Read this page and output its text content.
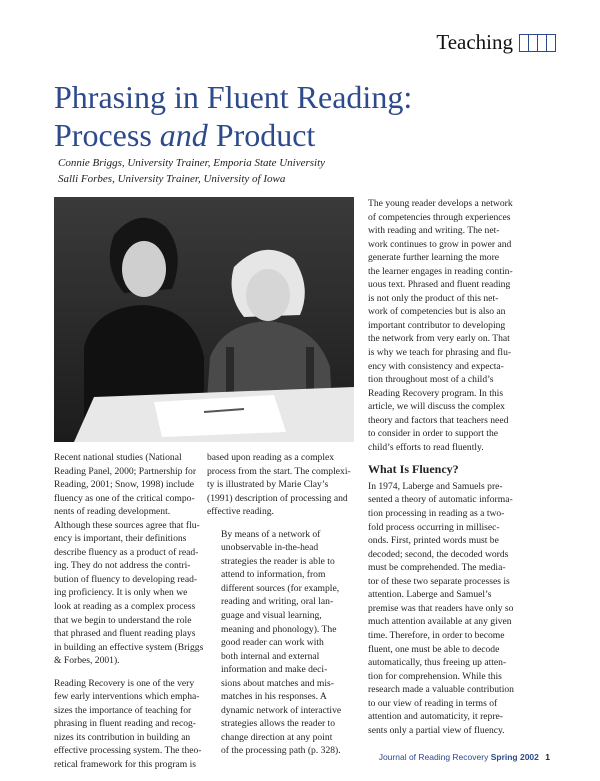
Teaching
Phrasing in Fluent Reading:
Process and Product
Connie Briggs, University Trainer, Emporia State University
Salli Forbes, University Trainer, University of Iowa

Recent national studies (National
Reading Panel, 2000; Partnership for
Reading, 2001; Snow, 1998) include
fluency as one of the critical compo-
nents of reading development.
Although these sources agree that flu-
ency is important, their definitions
describe fluency as a product of read-
ing. They do not address the contri-
bution of fluency to developing read-
ing proficiency. It is only when we
look at reading as a complex process
that we begin to understand the role
that phrased and fluent reading plays
in building an effective system (Briggs
& Forbes, 2001).

Reading Recovery is one of the very
few early interventions which empha-
sizes the importance of teaching for
phrasing in fluent reading and recog-
nizes its contribution in building an
effective processing system. The theo-
retical framework for this program is

based upon reading as a complex
process from the start. The complexi-
ty is illustrated by Marie Clay’s
(1991) description of processing and
effective reading.

By means of a network of
unobservable in-the-head
strategies the reader is able to
attend to information, from
different sources (for example,
reading and writing, oral lan-
guage and visual learning,
meaning and phonology). The
good reader can work with
both internal and external
information and make deci-
sions about matches and mis-
matches in his responses. A
dynamic network of interactive
strategies allows the reader to
change direction at any point
of the processing path (p. 328).

The young reader develops a network
of competencies through experiences
with reading and writing. The net-
work continues to grow in power and
generate further learning the more
the learner engages in reading contin-
uous text. Phrased and fluent reading
is not only the product of this net-
work of competencies but is also an
important contributor to developing
the network from very early on. That
is why we teach for phrasing and flu-
ency with consistency and expecta-
tion throughout most of a child’s
Reading Recovery program. In this
article, we will discuss the complex
theory and factors that teachers need
to consider in order to support the
child’s efforts to read fluently.

What Is Fluency?

In 1974, Laberge and Samuels pre-
sented a theory of automatic informa-
tion processing in reading as a two-
fold process occurring in millisec-
onds. First, printed words must be
decoded; second, the decoded words
must be comprehended. The media-
tor of these two separate processes is
attention. Laberge and Samuel’s
premise was that readers have only so
much attention available at any given
time. Therefore, in order to become
fluent, one must be able to decode
automatically, thus freeing up atten-
tion for comprehension. While this
research made a valuable contribution
to our view of reading in terms of
attention and automaticity, it repre-
sents only a partial view of fluency.

Journal of Reading Recovery Spring 2002 1
